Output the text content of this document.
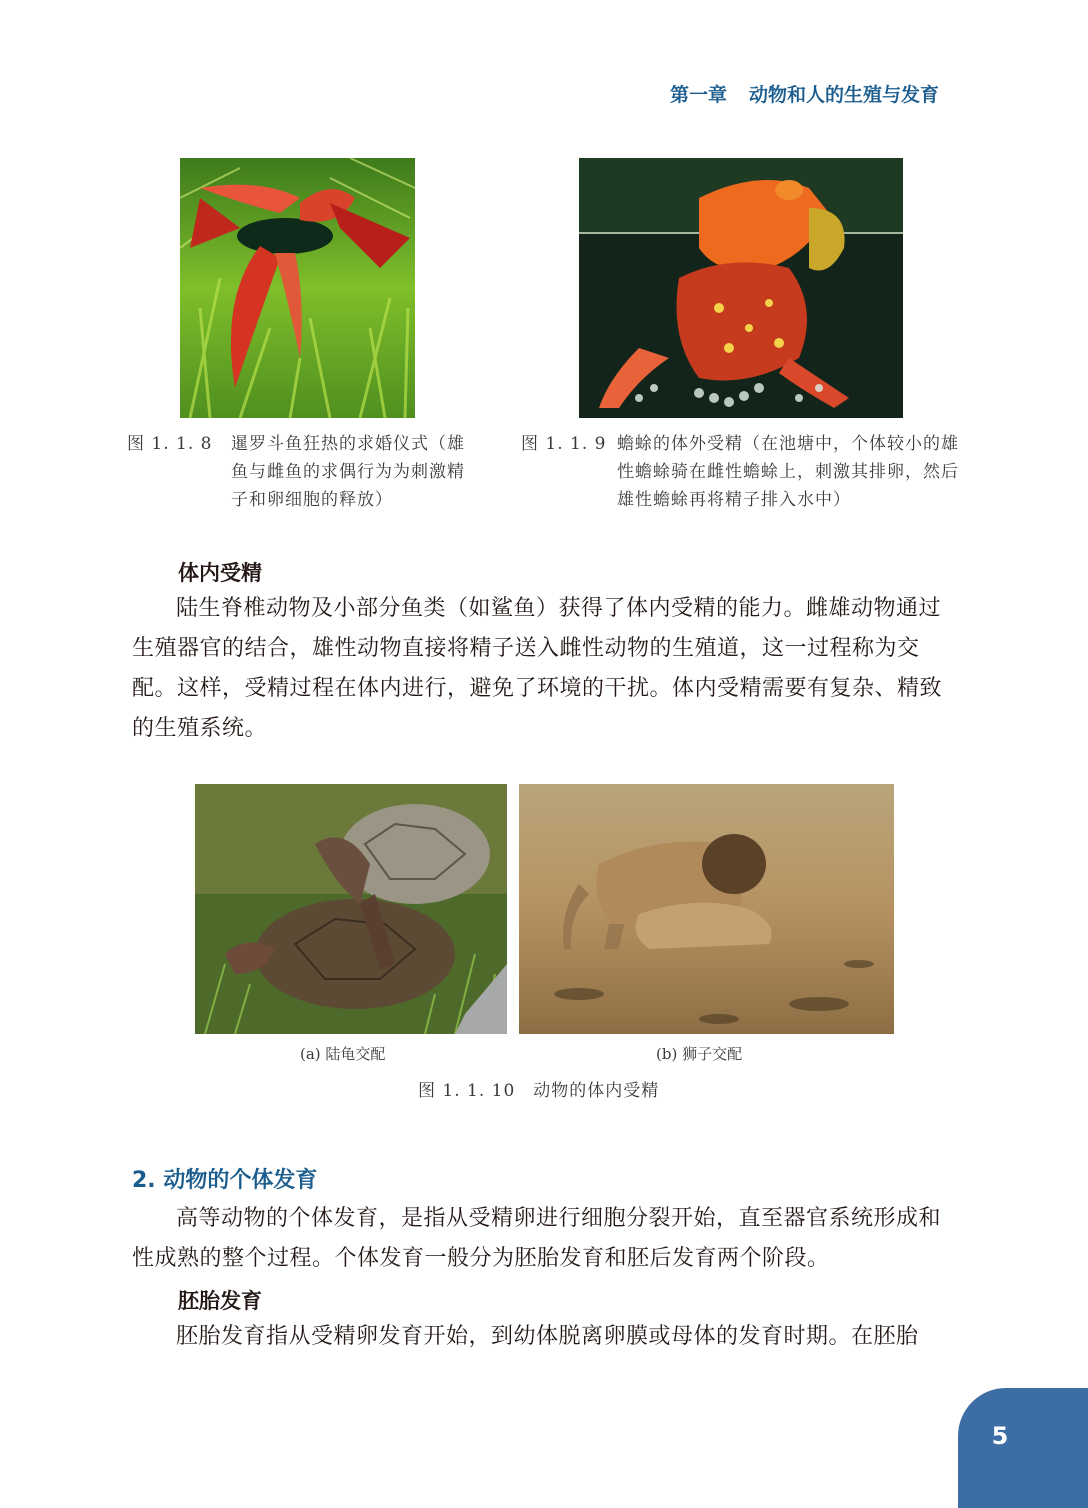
第一章 动物和人的生殖与发育
图 1. 1. 8 暹罗斗鱼狂热的求婚仪式（雄鱼与雌鱼的求偶行为为刺激精子和卵细胞的释放）
图 1. 1. 9 蟾蜍的体外受精（在池塘中，个体较小的雄性蟾蜍骑在雌性蟾蜍上，刺激其排卵，然后雄性蟾蜍再将精子排入水中）
体内受精
陆生脊椎动物及小部分鱼类（如鲨鱼）获得了体内受精的能力。雌雄动物通过生殖器官的结合，雄性动物直接将精子送入雌性动物的生殖道，这一过程称为交配。这样，受精过程在体内进行，避免了环境的干扰。体内受精需要有复杂、精致的生殖系统。
(a) 陆龟交配	(b) 狮子交配
图 1. 1. 10 动物的体内受精
2. 动物的个体发育
高等动物的个体发育，是指从受精卵进行细胞分裂开始，直至器官系统形成和性成熟的整个过程。个体发育一般分为胚胎发育和胚后发育两个阶段。
胚胎发育
胚胎发育指从受精卵发育开始，到幼体脱离卵膜或母体的发育时期。在胚胎
5
